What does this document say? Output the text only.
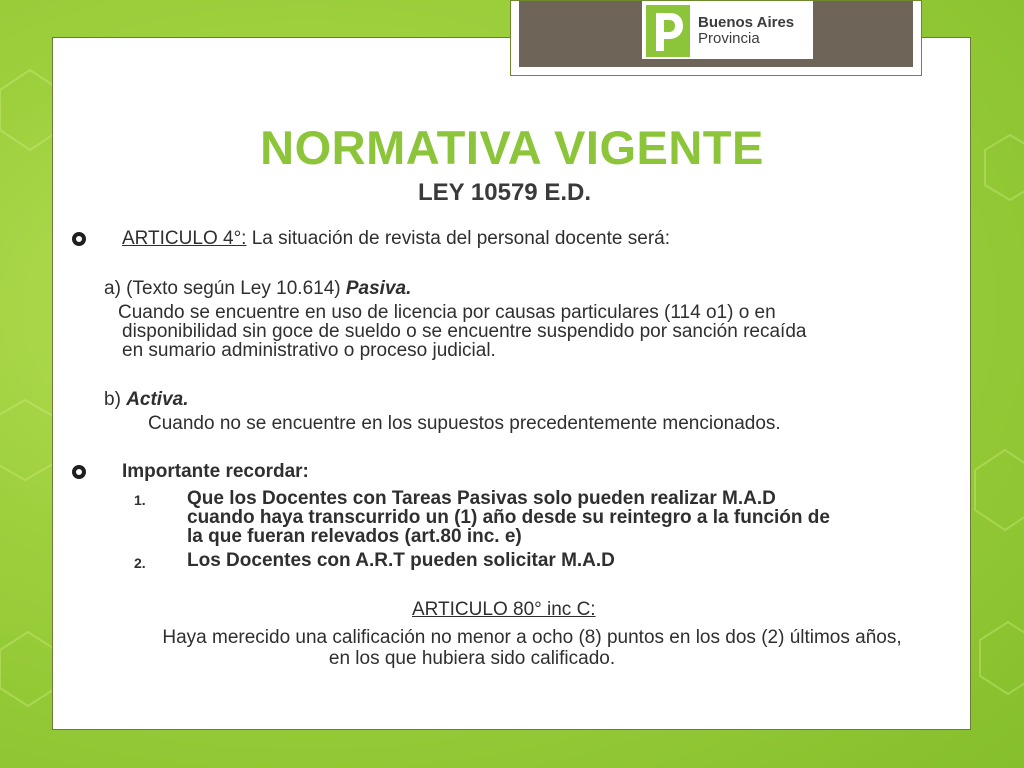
Buenos Aires
Provincia
NORMATIVA VIGENTE
LEY 10579 E.D.
ARTICULO 4°: La situación de revista del personal docente será:
a) (Texto según Ley 10.614) Pasiva.
Cuando se encuentre en uso de licencia por causas particulares (114 o1) o en
disponibilidad sin goce de sueldo o se encuentre suspendido por sanción recaída
en sumario administrativo o proceso judicial.
b) Activa.
Cuando no se encuentre en los supuestos precedentemente mencionados.
Importante recordar:
1. Que los Docentes con Tareas Pasivas solo pueden realizar M.A.D
cuando haya transcurrido un (1) año desde su reintegro a la función de
la que fueran relevados (art.80 inc. e)
2. Los Docentes con A.R.T pueden solicitar M.A.D
ARTICULO 80° inc C:
Haya merecido una calificación no menor a ocho (8) puntos en los dos (2) últimos años,
en los que hubiera sido calificado.
